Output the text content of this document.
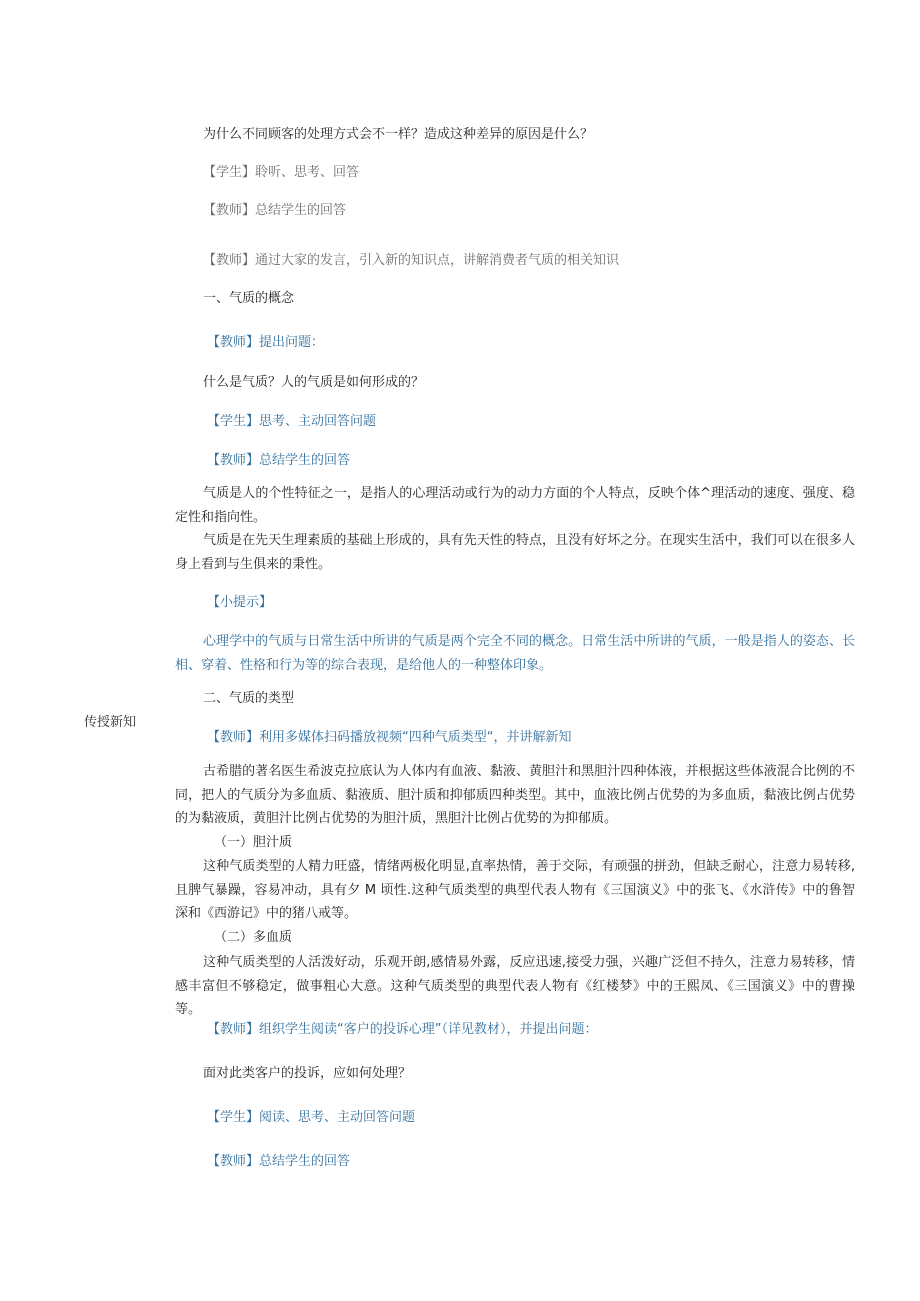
传授新知

为什么不同顾客的处理方式会不一样？造成这种差异的原因是什么？

【学生】聆听、思考、回答

【教师】总结学生的回答

【教师】通过大家的发言，引入新的知识点，讲解消费者气质的相关知识

一、气质的概念

【教师】提出问题：

什么是气质？人的气质是如何形成的？

【学生】思考、主动回答问题

【教师】总结学生的回答

气质是人的个性特征之一，是指人的心理活动或行为的动力方面的个人特点，反映个体^理活动的速度、强度、稳定性和指向性。

气质是在先天生理素质的基础上形成的，具有先天性的特点，且没有好坏之分。在现实生活中，我们可以在很多人身上看到与生俱来的秉性。

【小提示】

心理学中的气质与日常生活中所讲的气质是两个完全不同的概念。日常生活中所讲的气质，一般是指人的姿态、长相、穿着、性格和行为等的综合表现，是给他人的一种整体印象。

二、气质的类型

【教师】利用多媒体扫码播放视频“四种气质类型“，并讲解新知

古希腊的著名医生希波克拉底认为人体内有血液、黏液、黄胆汁和黑胆汁四种体液，并根据这些体液混合比例的不同，把人的气质分为多血质、黏液质、胆汁质和抑郁质四种类型。其中，血液比例占优势的为多血质，黏液比例占优势的为黏液质，黄胆汁比例占优势的为胆汁质，黑胆汁比例占优势的为抑郁质。

（一）胆汁质

这种气质类型的人精力旺盛，情绪两极化明显,直率热情，善于交际，有顽强的拼劲，但缺乏耐心，注意力易转移,且脾气暴躁，容易冲动，具有夕 M 顷性.这种气质类型的典型代表人物有《三国演义》中的张飞、《水浒传》中的鲁智深和《西游记》中的猪八戒等。

（二）多血质

这种气质类型的人活泼好动，乐观开朗,感情易外露，反应迅速,接受力强，兴趣广泛但不持久，注意力易转移，情感丰富但不够稳定，做事粗心大意。这种气质类型的典型代表人物有《红楼梦》中的王熙凤、《三国演义》中的曹操等。

【教师】组织学生阅读“客户的投诉心理”（详见教材），并提出问题：

面对此类客户的投诉，应如何处理？

【学生】阅读、思考、主动回答问题

【教师】总结学生的回答
